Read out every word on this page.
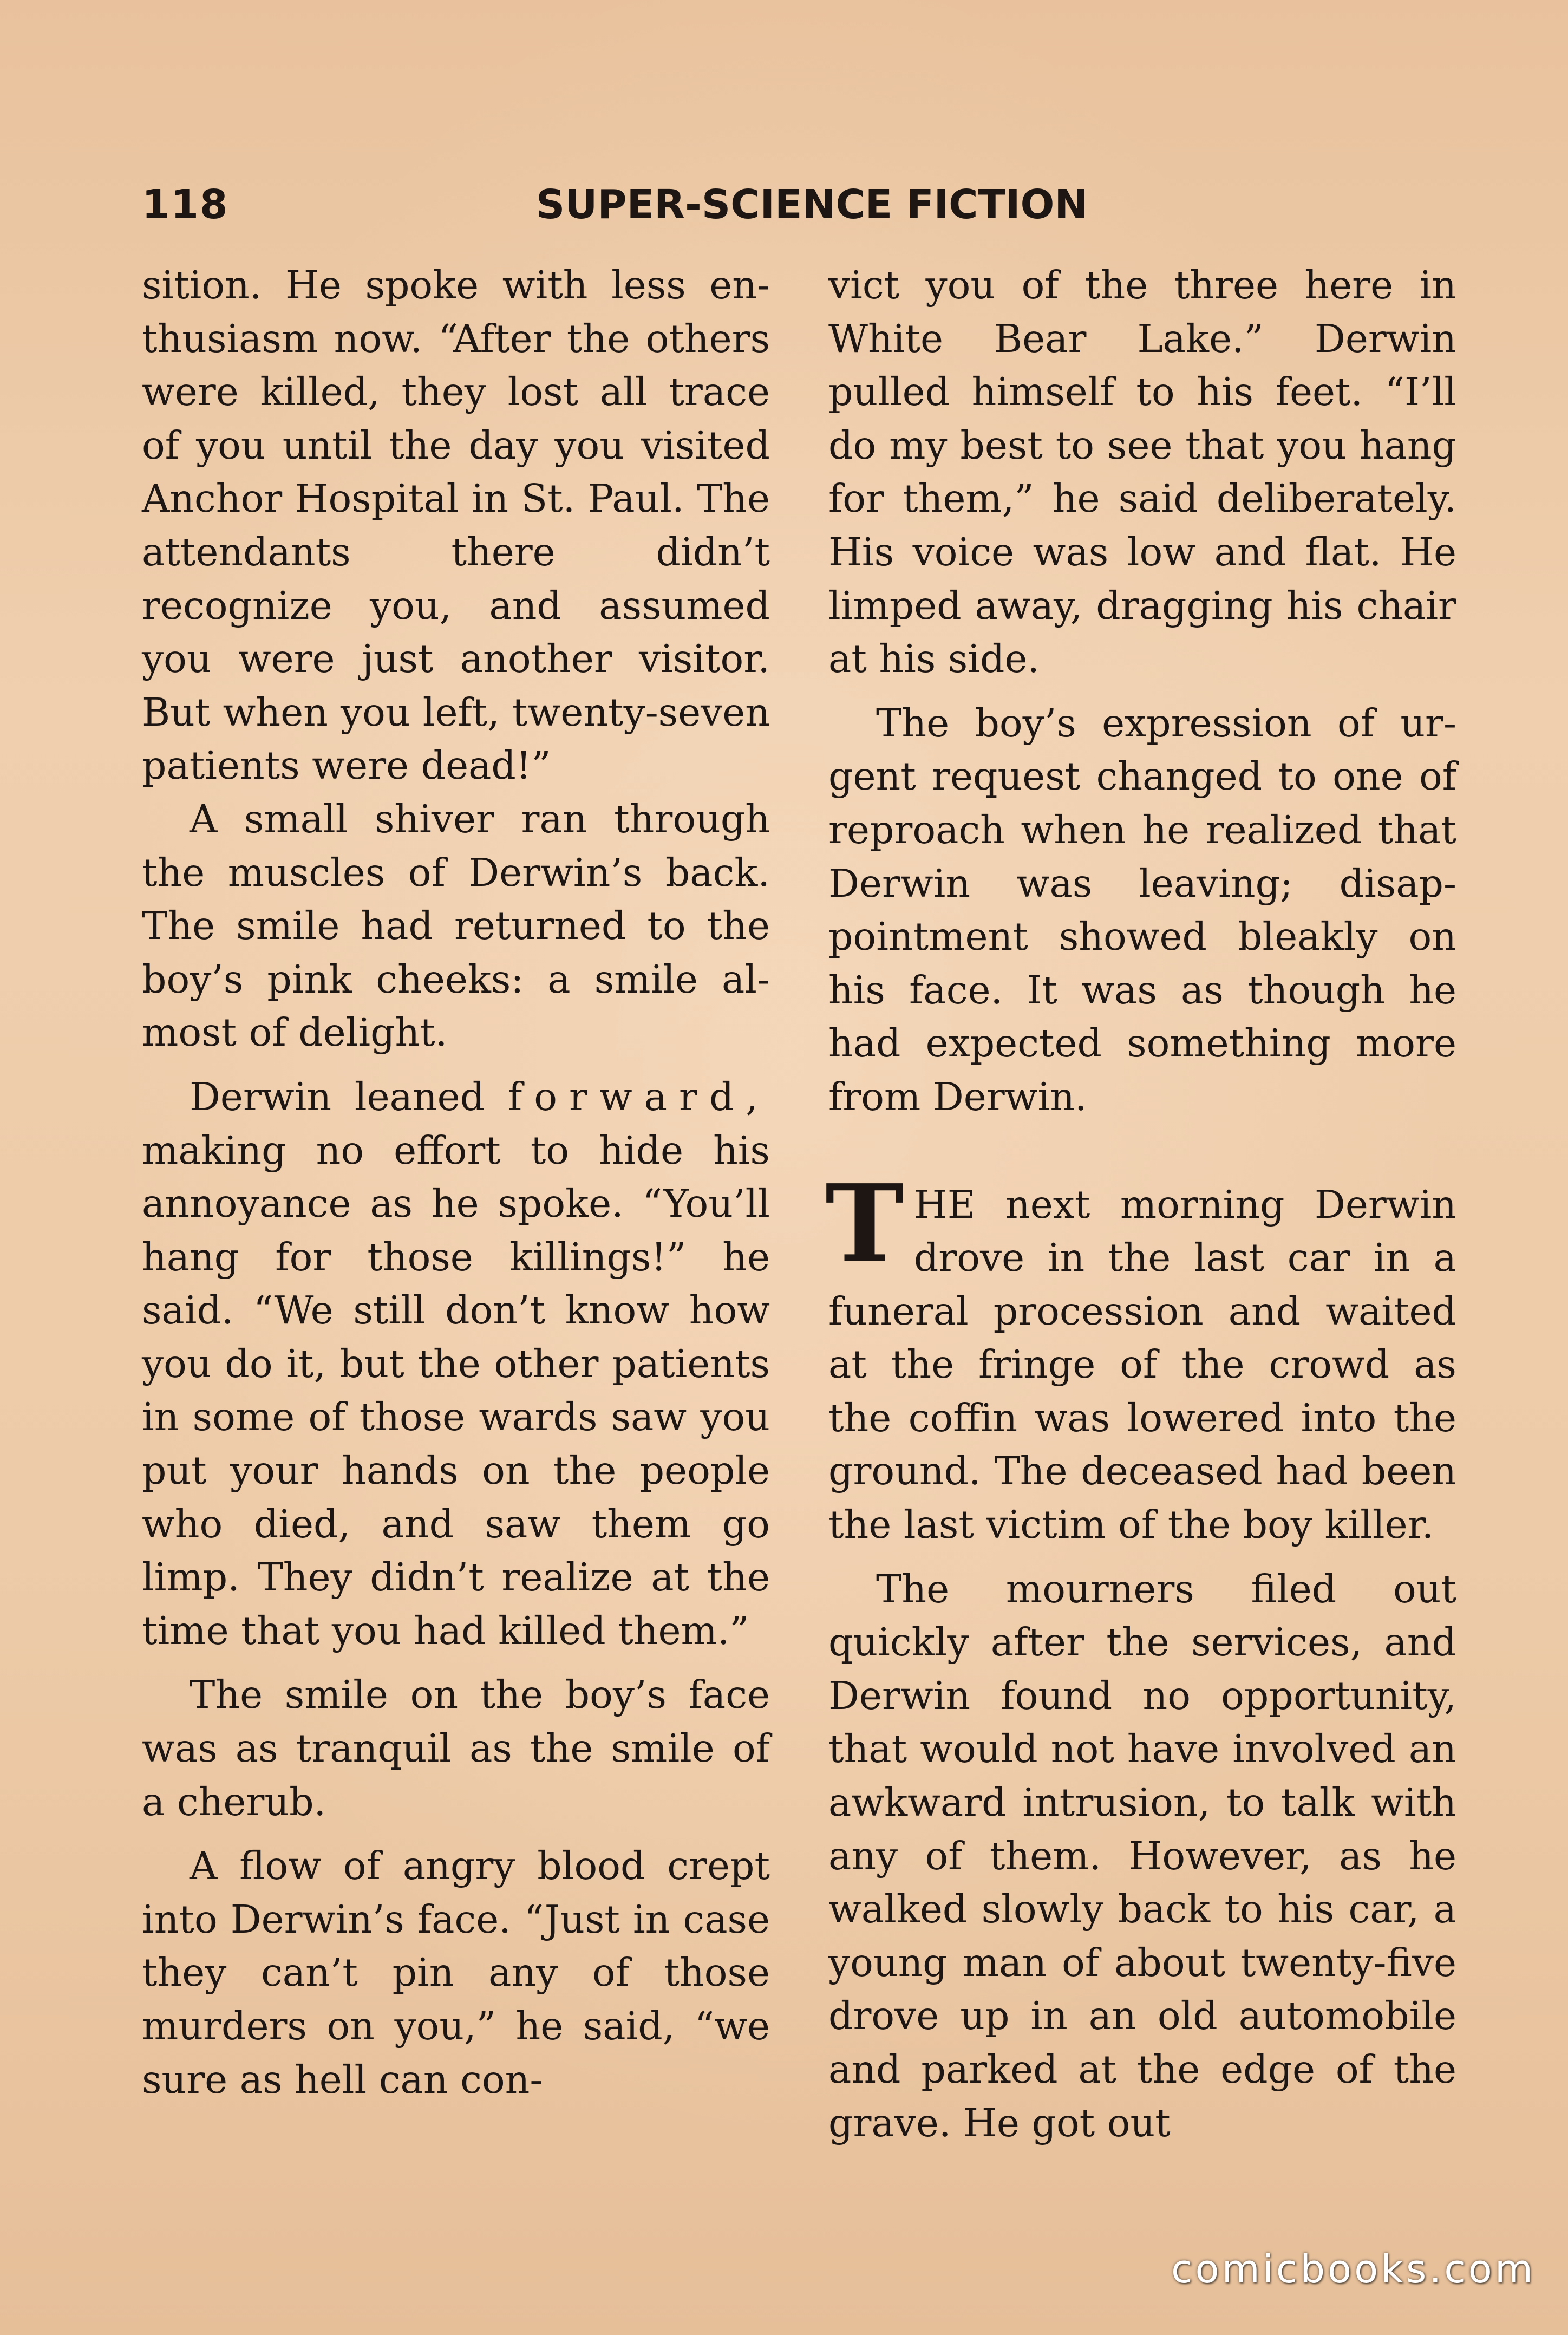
118	SUPER-SCIENCE FICTION

sition. He spoke with less enthusiasm now. “After the others were killed, they lost all trace of you until the day you visited Anchor Hospital in St. Paul. The attendants there didn’t recognize you, and assumed you were just another visitor. But when you left, twenty-seven patients were dead!”

A small shiver ran through the muscles of Derwin’s back. The smile had returned to the boy’s pink cheeks: a smile almost of delight.

Derwin leaned forward, making no effort to hide his annoyance as he spoke. “You’ll hang for those killings!” he said. “We still don’t know how you do it, but the other patients in some of those wards saw you put your hands on the people who died, and saw them go limp. They didn’t realize at the time that you had killed them.”

The smile on the boy’s face was as tranquil as the smile of a cherub.

A flow of angry blood crept into Derwin’s face. “Just in case they can’t pin any of those murders on you,” he said, “we sure as hell can con-

vict you of the three here in White Bear Lake.” Derwin pulled himself to his feet. “I’ll do my best to see that you hang for them,” he said deliberately. His voice was low and flat. He limped away, dragging his chair at his side.

The boy’s expression of urgent request changed to one of reproach when he realized that Derwin was leaving; disappointment showed bleakly on his face. It was as though he had expected something more from Derwin.

THE next morning Derwin drove in the last car in a funeral procession and waited at the fringe of the crowd as the coffin was lowered into the ground. The deceased had been the last victim of the boy killer.

The mourners filed out quickly after the services, and Derwin found no opportunity, that would not have involved an awkward intrusion, to talk with any of them. However, as he walked slowly back to his car, a young man of about twenty-five drove up in an old automobile and parked at the edge of the grave. He got out

comicbooks.com
